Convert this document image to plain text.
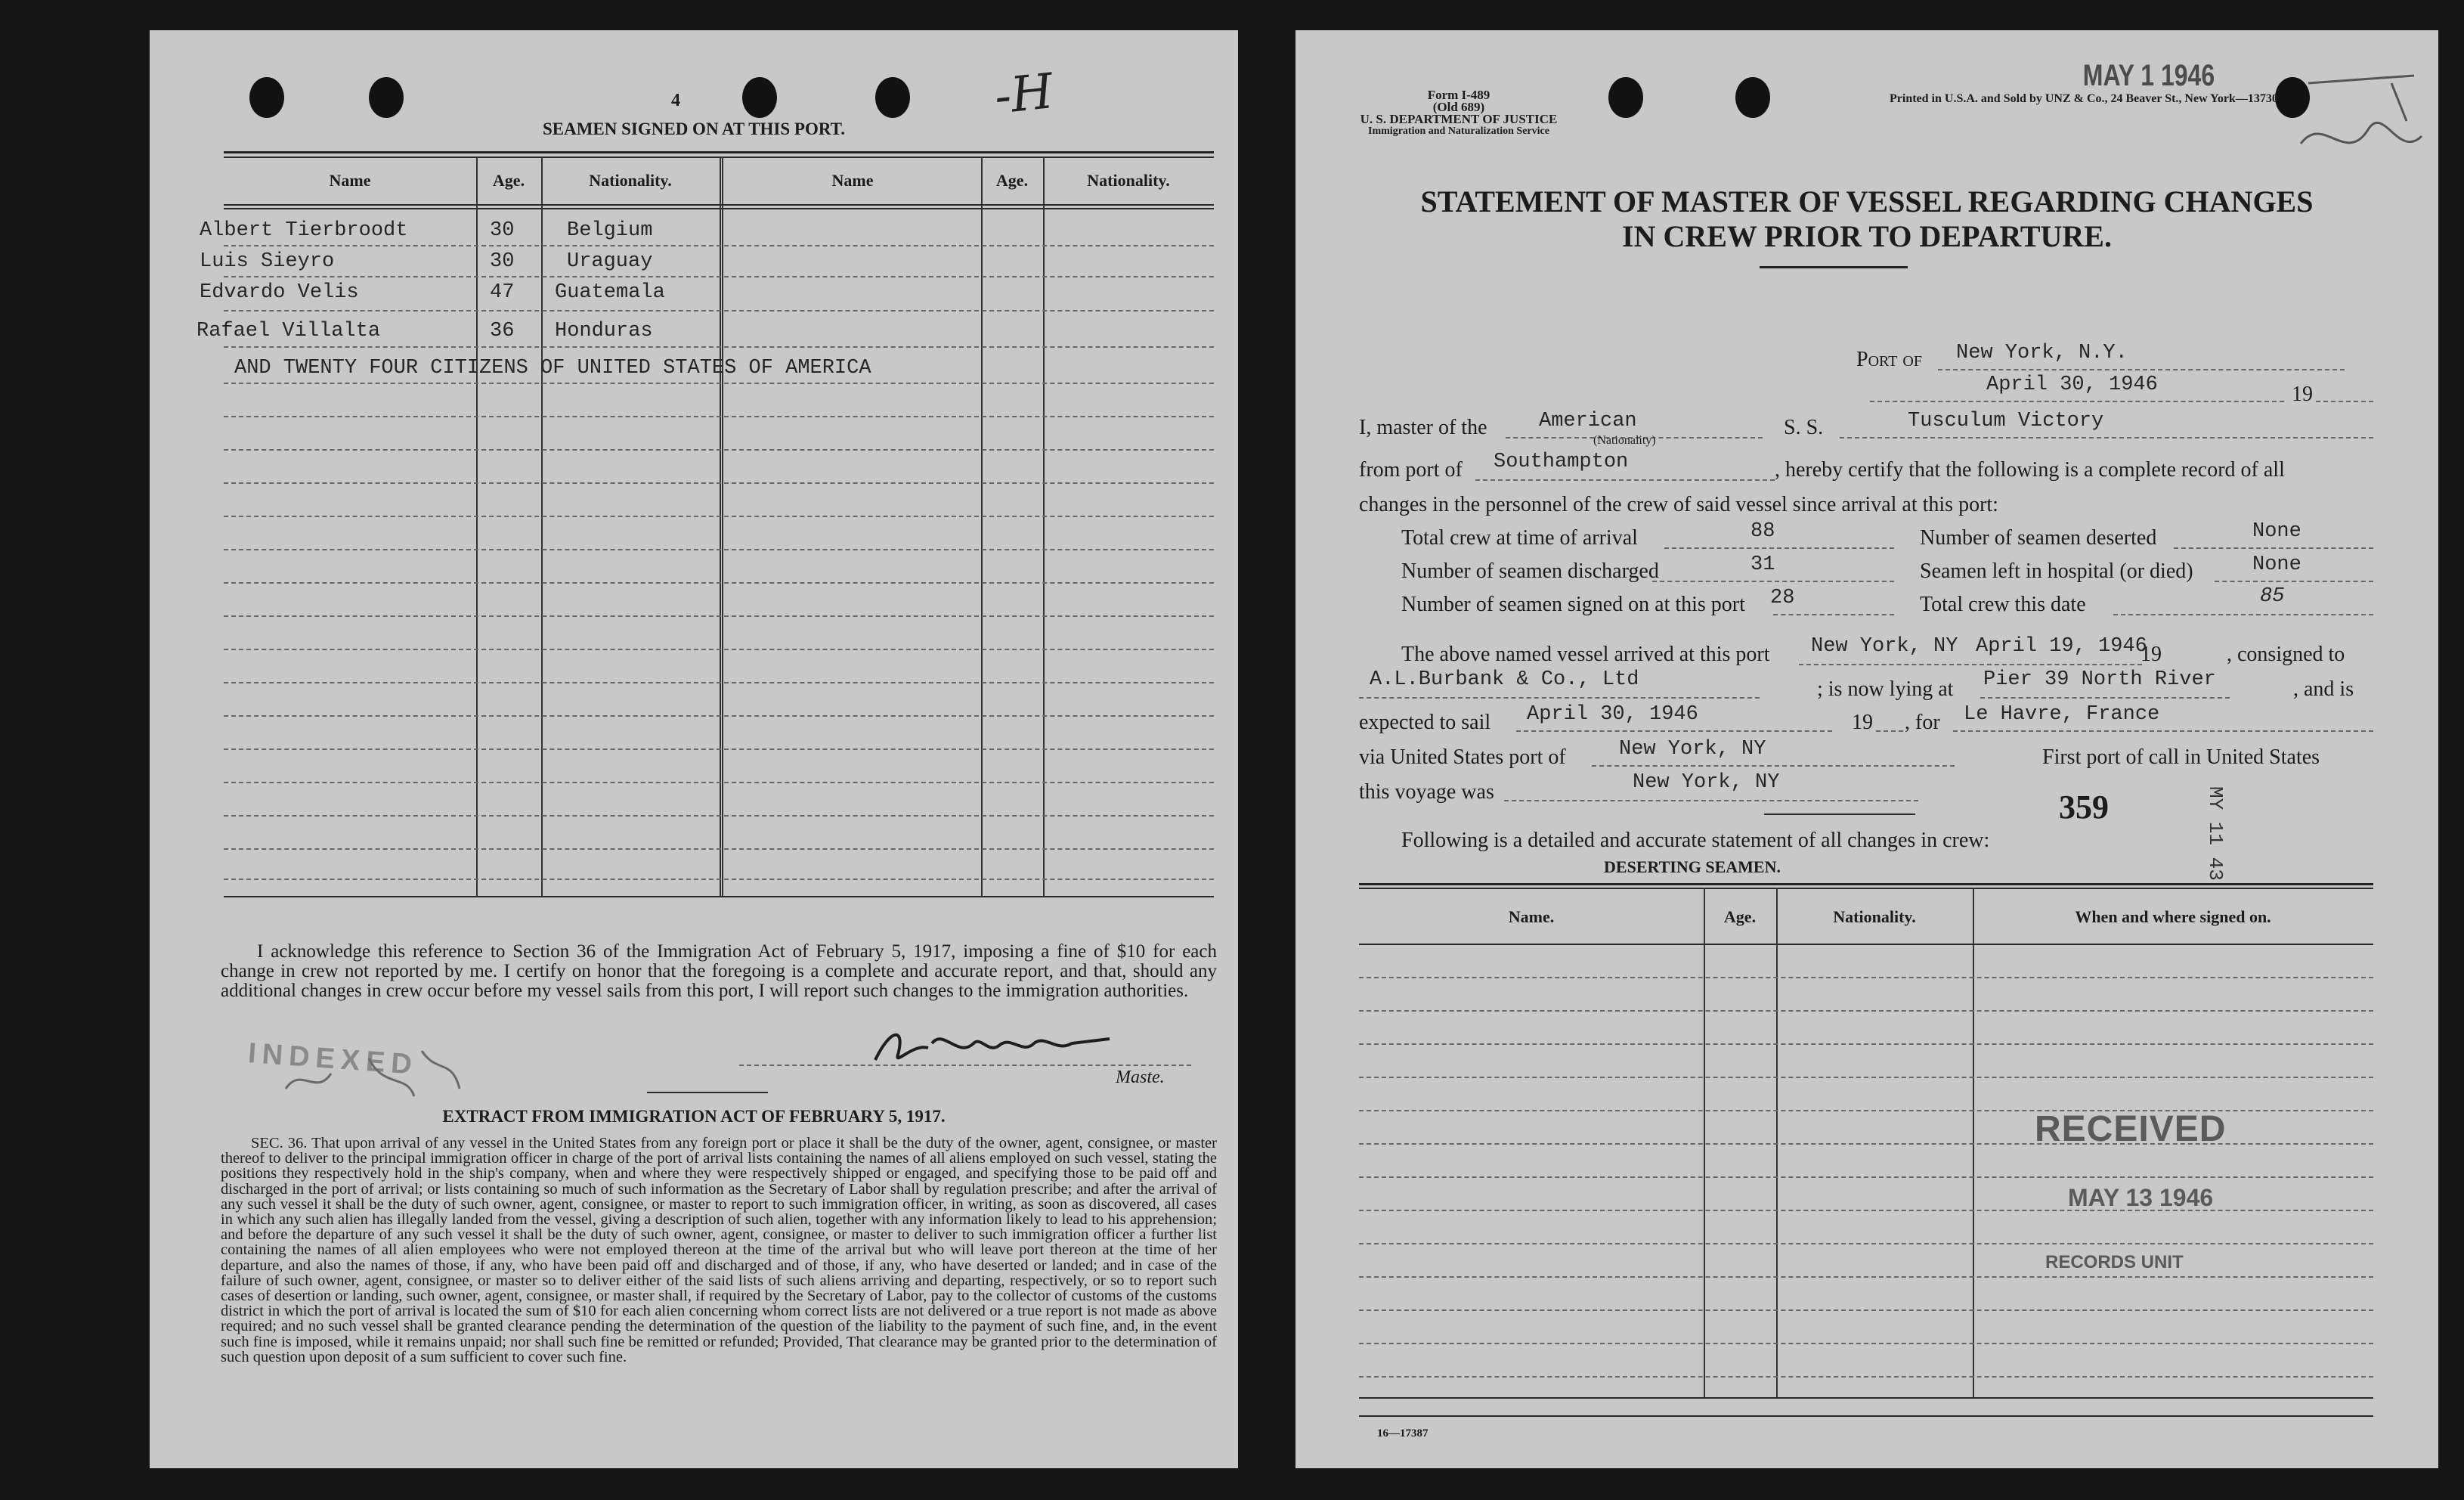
4	-H
SEAMEN SIGNED ON AT THIS PORT.
Name	Age.	Nationality.	Name	Age.	Nationality.
Albert Tierbroodt	30	Belgium
Luis Sieyro	30	Uraguay
Edvardo Velis	47 Guatemala
Rafael Villalta	36 Honduras
AND TWENTY FOUR CITIZENS OF UNITED STATES OF AMERICA
I acknowledge this reference to Section 36 of the Immigration Act of February 5, 1917, imposing a fine of $10 for each change in crew not reported by me. I certify on honor that the foregoing is a complete and accurate report, and that, should any additional changes in crew occur before my vessel sails from this port, I will report such changes to the immigration authorities.
Maste.
INDEXED
EXTRACT FROM IMMIGRATION ACT OF FEBRUARY 5, 1917.
SEC. 36. That upon arrival of any vessel in the United States from any foreign port or place it shall be the duty of the owner, agent, consignee, or master thereof to deliver to the principal immigration officer in charge of the port of arrival lists containing the names of all aliens employed on such vessel, stating the positions they respectively hold in the ship's company, when and where they were respectively shipped or engaged, and specifying those to be paid off and discharged in the port of arrival; or lists containing so much of such information as the Secretary of Labor shall by regulation prescribe; and after the arrival of any such vessel it shall be the duty of such owner, agent, consignee, or master to report to such immigration officer, in writing, as soon as discovered, all cases in which any such alien has illegally landed from the vessel, giving a description of such alien, together with any information likely to lead to his apprehension; and before the departure of any such vessel it shall be the duty of such owner, agent, consignee, or master to deliver to such immigration officer a further list containing the names of all alien employees who were not employed thereon at the time of the arrival but who will leave port thereon at the time of her departure, and also the names of those, if any, who have been paid off and discharged and of those, if any, who have deserted or landed; and in case of the failure of such owner, agent, consignee, or master so to deliver either of the said lists of such aliens arriving and departing, respectively, or so to report such cases of desertion or landing, such owner, agent, consignee, or master shall, if required by the Secretary of Labor, pay to the collector of customs of the customs district in which the port of arrival is located the sum of $10 for each alien concerning whom correct lists are not delivered or a true report is not made as above required; and no such vessel shall be granted clearance pending the determination of the question of the liability to the payment of such fine, and, in the event such fine is imposed, while it remains unpaid; nor shall such fine be remitted or refunded; Provided, That clearance may be granted prior to the determination of such question upon deposit of a sum sufficient to cover such fine.
Form I-489
(Old 689)
U. S. DEPARTMENT OF JUSTICE
Immigration and Naturalization Service
Printed in U.S.A. and Sold by UNZ & Co., 24 Beaver St., New York—13730
MAY 1 1946
STATEMENT OF MASTER OF VESSEL REGARDING CHANGES
IN CREW PRIOR TO DEPARTURE.
Port of New York, N.Y.
April 30, 1946	19
I, master of the	American
(Nationality)
S. S.	Tusculum Victory
from port of Southampton	, hereby certify that the following is a complete record of all
changes in the personnel of the crew of said vessel since arrival at this port:
Total crew at time of arrival	88
Number of seamen discharged	31
Number of seamen signed on at this port 28
Number of seamen deserted	None
Seamen left in hospital (or died)	None
Total crew this date	85
The above named vessel arrived at this port New York, NY April 19, 1946
19	, consigned to
A.L.Burbank & Co., Ltd	; is now lying at Pier 39 North River	, and is
expected to sail April 30, 1946	19 , for Le Havre, France
via United States port of	New York, NY	First port of call in United States
this voyage was	New York, NY
359
Following is a detailed and accurate statement of all changes in crew:
DESERTING SEAMEN.
Name.	Age.	Nationality.	When and where signed on.
RECEIVED
MAY 13 1946
RECORDS UNIT
MY 11 43
16—17387
